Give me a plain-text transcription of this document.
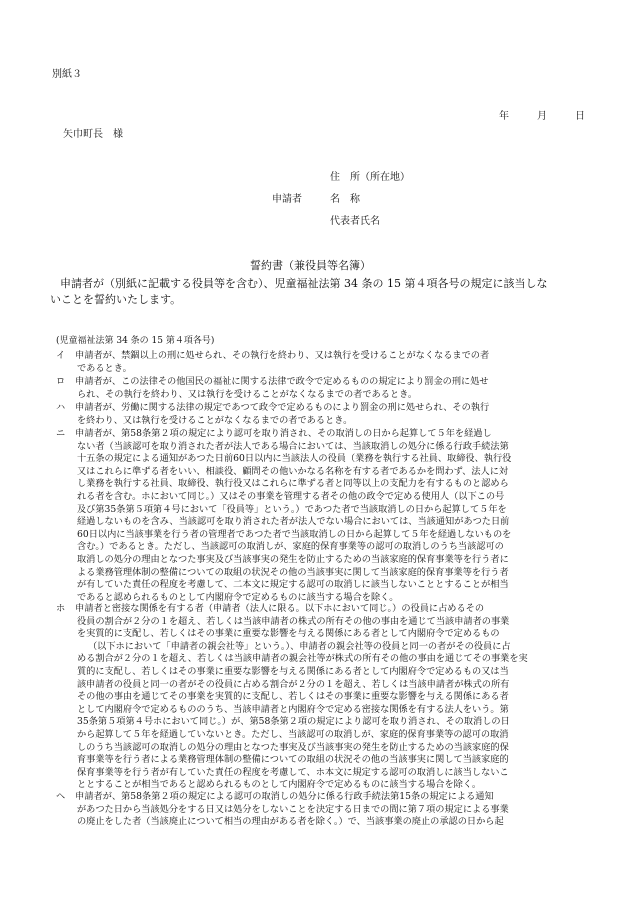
別紙３
年	月	日
矢巾町長　様
住　所（所在地）
申請者	名　称
代表者氏名
誓約書（兼役員等名簿）
申請者が（別紙に記載する役員等を含む）、児童福祉法第 34 条の 15 第４項各号の規定に該当しな
いことを誓約いたします。
(児童福祉法第 34 条の 15 第４項各号)
イ 　申請者が、禁錮以上の刑に処せられ、その執行を終わり、又は執行を受けることがなくなるまでの者
であるとき。
ロ 　申請者が、この法律その他国民の福祉に関する法律で政令で定めるものの規定により罰金の刑に処せ
られ、その執行を終わり、又は執行を受けることがなくなるまでの者であるとき。
ハ 　申請者が、労働に関する法律の規定であつて政令で定めるものにより罰金の刑に処せられ、その執行
を終わり、又は執行を受けることがなくなるまでの者であるとき。
ニ 　申請者が、第58条第２項の規定により認可を取り消され、その取消しの日から起算して５年を経過し
ない者（当該認可を取り消された者が法人である場合においては、当該取消しの処分に係る行政手続法第
十五条の規定による通知があつた日前60日以内に当該法人の役員（業務を執行する社員、取締役、執行役
又はこれらに準ずる者をいい、相談役、顧問その他いかなる名称を有する者であるかを問わず、法人に対
し業務を執行する社員、取締役、執行役又はこれらに準ずる者と同等以上の支配力を有するものと認めら
れる者を含む。ホにおいて同じ。）又はその事業を管理する者その他の政令で定める使用人（以下この号
及び第35条第５項第４号において「役員等」という。）であつた者で当該取消しの日から起算して５年を
経過しないものを含み、当該認可を取り消された者が法人でない場合においては、当該通知があつた日前
60日以内に当該事業を行う者の管理者であつた者で当該取消しの日から起算して５年を経過しないものを
含む。）であるとき。ただし、当該認可の取消しが、家庭的保育事業等の認可の取消しのうち当該認可の
取消しの処分の理由となつた事実及び当該事実の発生を防止するための当該家庭的保育事業等を行う者に
よる業務管理体制の整備についての取組の状況その他の当該事実に関して当該家庭的保育事業等を行う者
が有していた責任の程度を考慮して、二本文に規定する認可の取消しに該当しないこととすることが相当
であると認められるものとして内閣府令で定めるものに該当する場合を除く。
ホ 　申請者と密接な関係を有する者（申請者（法人に限る。以下ホにおいて同じ。）の役員に占めるその
役員の割合が２分の１を超え、若しくは当該申請者の株式の所有その他の事由を通じて当該申請者の事業
を実質的に支配し、若しくはその事業に重要な影響を与える関係にある者として内閣府令で定めるもの
（以下ホにおいて「申請者の親会社等」という。）、申請者の親会社等の役員と同一の者がその役員に占
める割合が２分の１を超え、若しくは当該申請者の親会社等が株式の所有その他の事由を通じてその事業を実
質的に支配し、若しくはその事業に重要な影響を与える関係にある者として内閣府令で定めるもの又は当
該申請者の役員と同一の者がその役員に占める割合が２分の１を超え、若しくは当該申請者が株式の所有
その他の事由を通じてその事業を実質的に支配し、若しくはその事業に重要な影響を与える関係にある者
として内閣府令で定めるもののうち、当該申請者と内閣府令で定める密接な関係を有する法人をいう。第
35条第５項第４号ホにおいて同じ。）が、第58条第２項の規定により認可を取り消され、その取消しの日
から起算して５年を経過していないとき。ただし、当該認可の取消しが、家庭的保育事業等の認可の取消
しのうち当該認可の取消しの処分の理由となつた事実及び当該事実の発生を防止するための当該家庭的保
育事業等を行う者による業務管理体制の整備についての取組の状況その他の当該事実に関して当該家庭的
保育事業等を行う者が有していた責任の程度を考慮して、ホ本文に規定する認可の取消しに該当しないこ
ととすることが相当であると認められるものとして内閣府令で定めるものに該当する場合を除く。
ヘ 　申請者が、第58条第２項の規定による認可の取消しの処分に係る行政手続法第15条の規定による通知
があつた日から当該処分をする日又は処分をしないことを決定する日までの間に第７項の規定による事業
の廃止をした者（当該廃止について相当の理由がある者を除く。）で、当該事業の廃止の承認の日から起
